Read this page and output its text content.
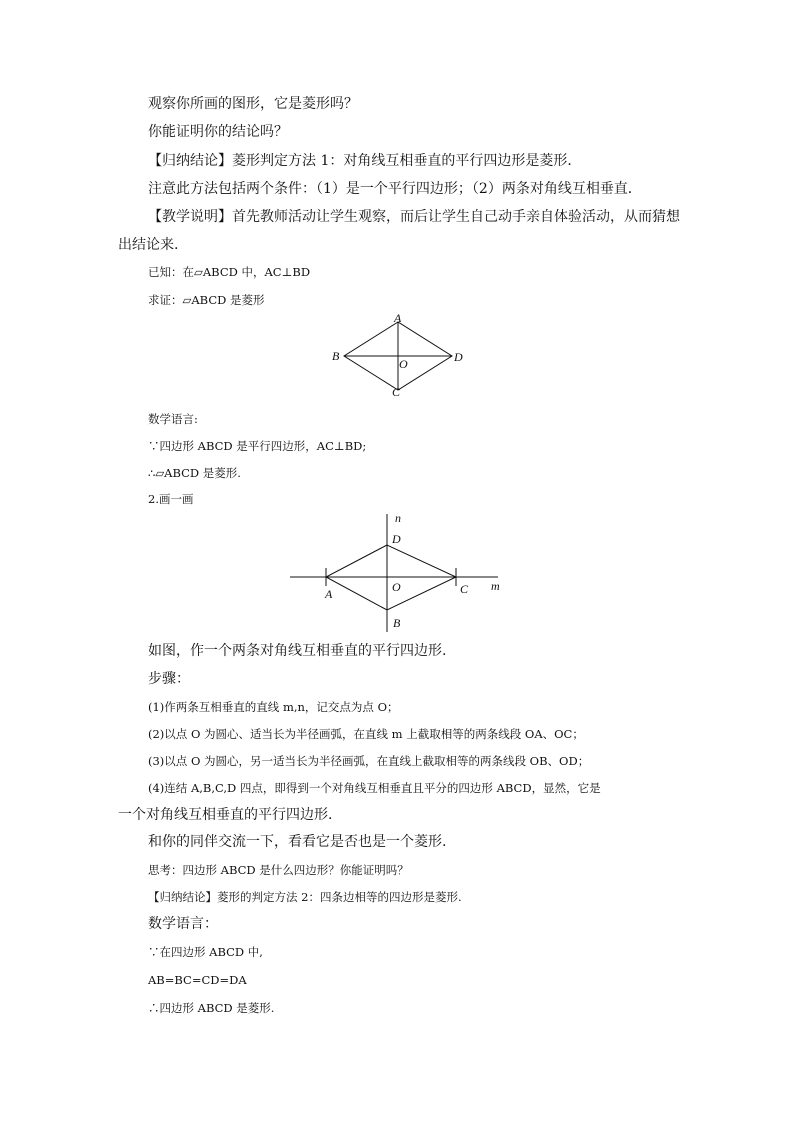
观察你所画的图形，它是菱形吗？
你能证明你的结论吗？
【归纳结论】菱形判定方法 1：对角线互相垂直的平行四边形是菱形．
注意此方法包括两个条件：（1）是一个平行四边形；（2）两条对角线互相垂直．
【教学说明】首先教师活动让学生观察，而后让学生自己动手亲自体验活动，从而猜想
出结论来.
已知：在▱ABCD 中，AC⊥BD
求证：▱ABCD 是菱形
A
B
C
D
O
数学语言:
∵四边形 ABCD 是平行四边形，AC⊥BD;
∴▱ABCD 是菱形.
2.画一画
n
D
O
A	C m
B
如图，作一个两条对角线互相垂直的平行四边形.
步骤：
(1)作两条互相垂直的直线 m,n，记交点为点 O；
(2)以点 O 为圆心、适当长为半径画弧，在直线 m 上截取相等的两条线段 OA、OC；
(3)以点 O 为圆心，另一适当长为半径画弧，在直线上截取相等的两条线段 OB、OD；
(4)连结 A,B,C,D 四点，即得到一个对角线互相垂直且平分的四边形 ABCD，显然，它是
一个对角线互相垂直的平行四边形.
和你的同伴交流一下，看看它是否也是一个菱形.
思考：四边形 ABCD 是什么四边形？你能证明吗？
【归纳结论】菱形的判定方法 2：四条边相等的四边形是菱形.
数学语言：
∵在四边形 ABCD 中,
AB=BC=CD=DA
∴四边形 ABCD 是菱形.
